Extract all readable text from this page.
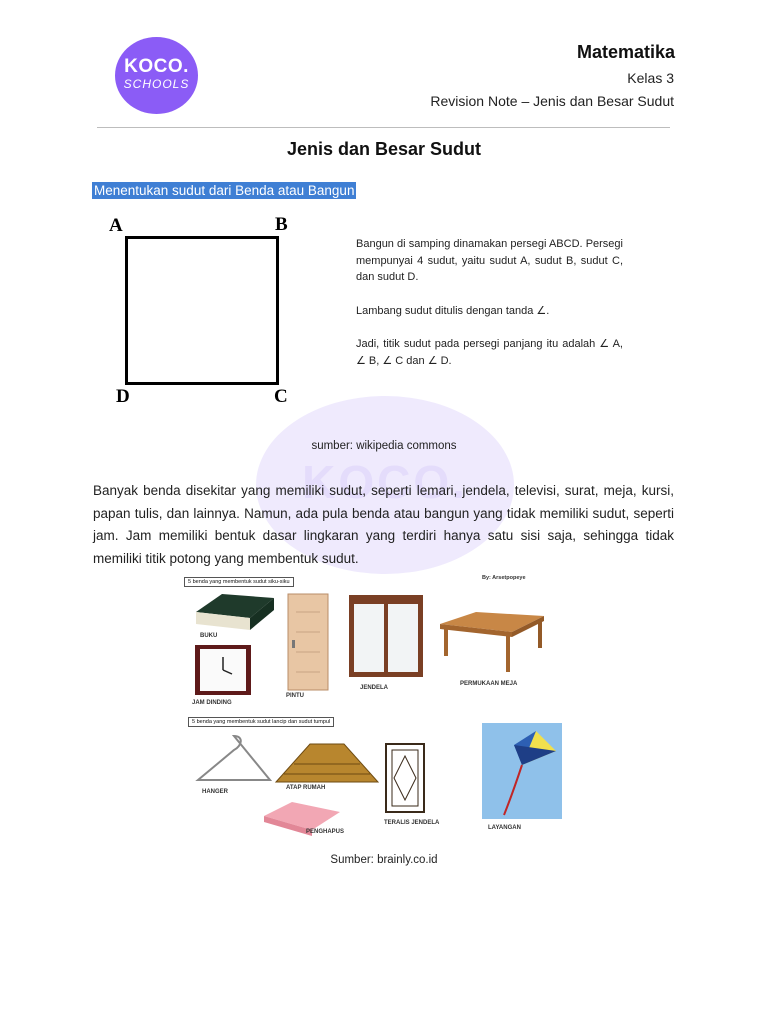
KOCO.
KOCO.
SCHOOLS
Matematika
Kelas 3
Revision Note – Jenis dan Besar Sudut
Jenis dan Besar Sudut
Menentukan sudut dari Benda atau Bangun
A	B
C
D

Bangun di samping dinamakan persegi ABCD. Persegi mempunyai 4 sudut, yaitu sudut A, sudut B, sudut C, dan sudut D.

Lambang sudut ditulis dengan tanda ∠.

Jadi, titik sudut pada persegi panjang itu adalah ∠ A, ∠ B, ∠ C dan ∠ D.

sumber: wikipedia commons
Banyak benda disekitar yang memiliki sudut, seperti lemari, jendela, televisi, surat, meja, kursi, papan tulis, dan lainnya. Namun, ada pula benda atau bangun yang tidak memiliki sudut, seperti jam. Jam memiliki bentuk dasar lingkaran yang terdiri hanya satu sisi saja, sehingga tidak memiliki titik potong yang membentuk sudut.
5 benda yang membentuk sudut siku-siku
By: Arsetpopeye
BUKU
PINTU
JENDELA
PERMUKAAN MEJA
JAM DINDING
5 benda yang membentuk sudut lancip dan sudut tumpul
HANGER
ATAP RUMAH
TERALIS JENDELA
PENGHAPUS
LAYANGAN
Sumber: brainly.co.id
